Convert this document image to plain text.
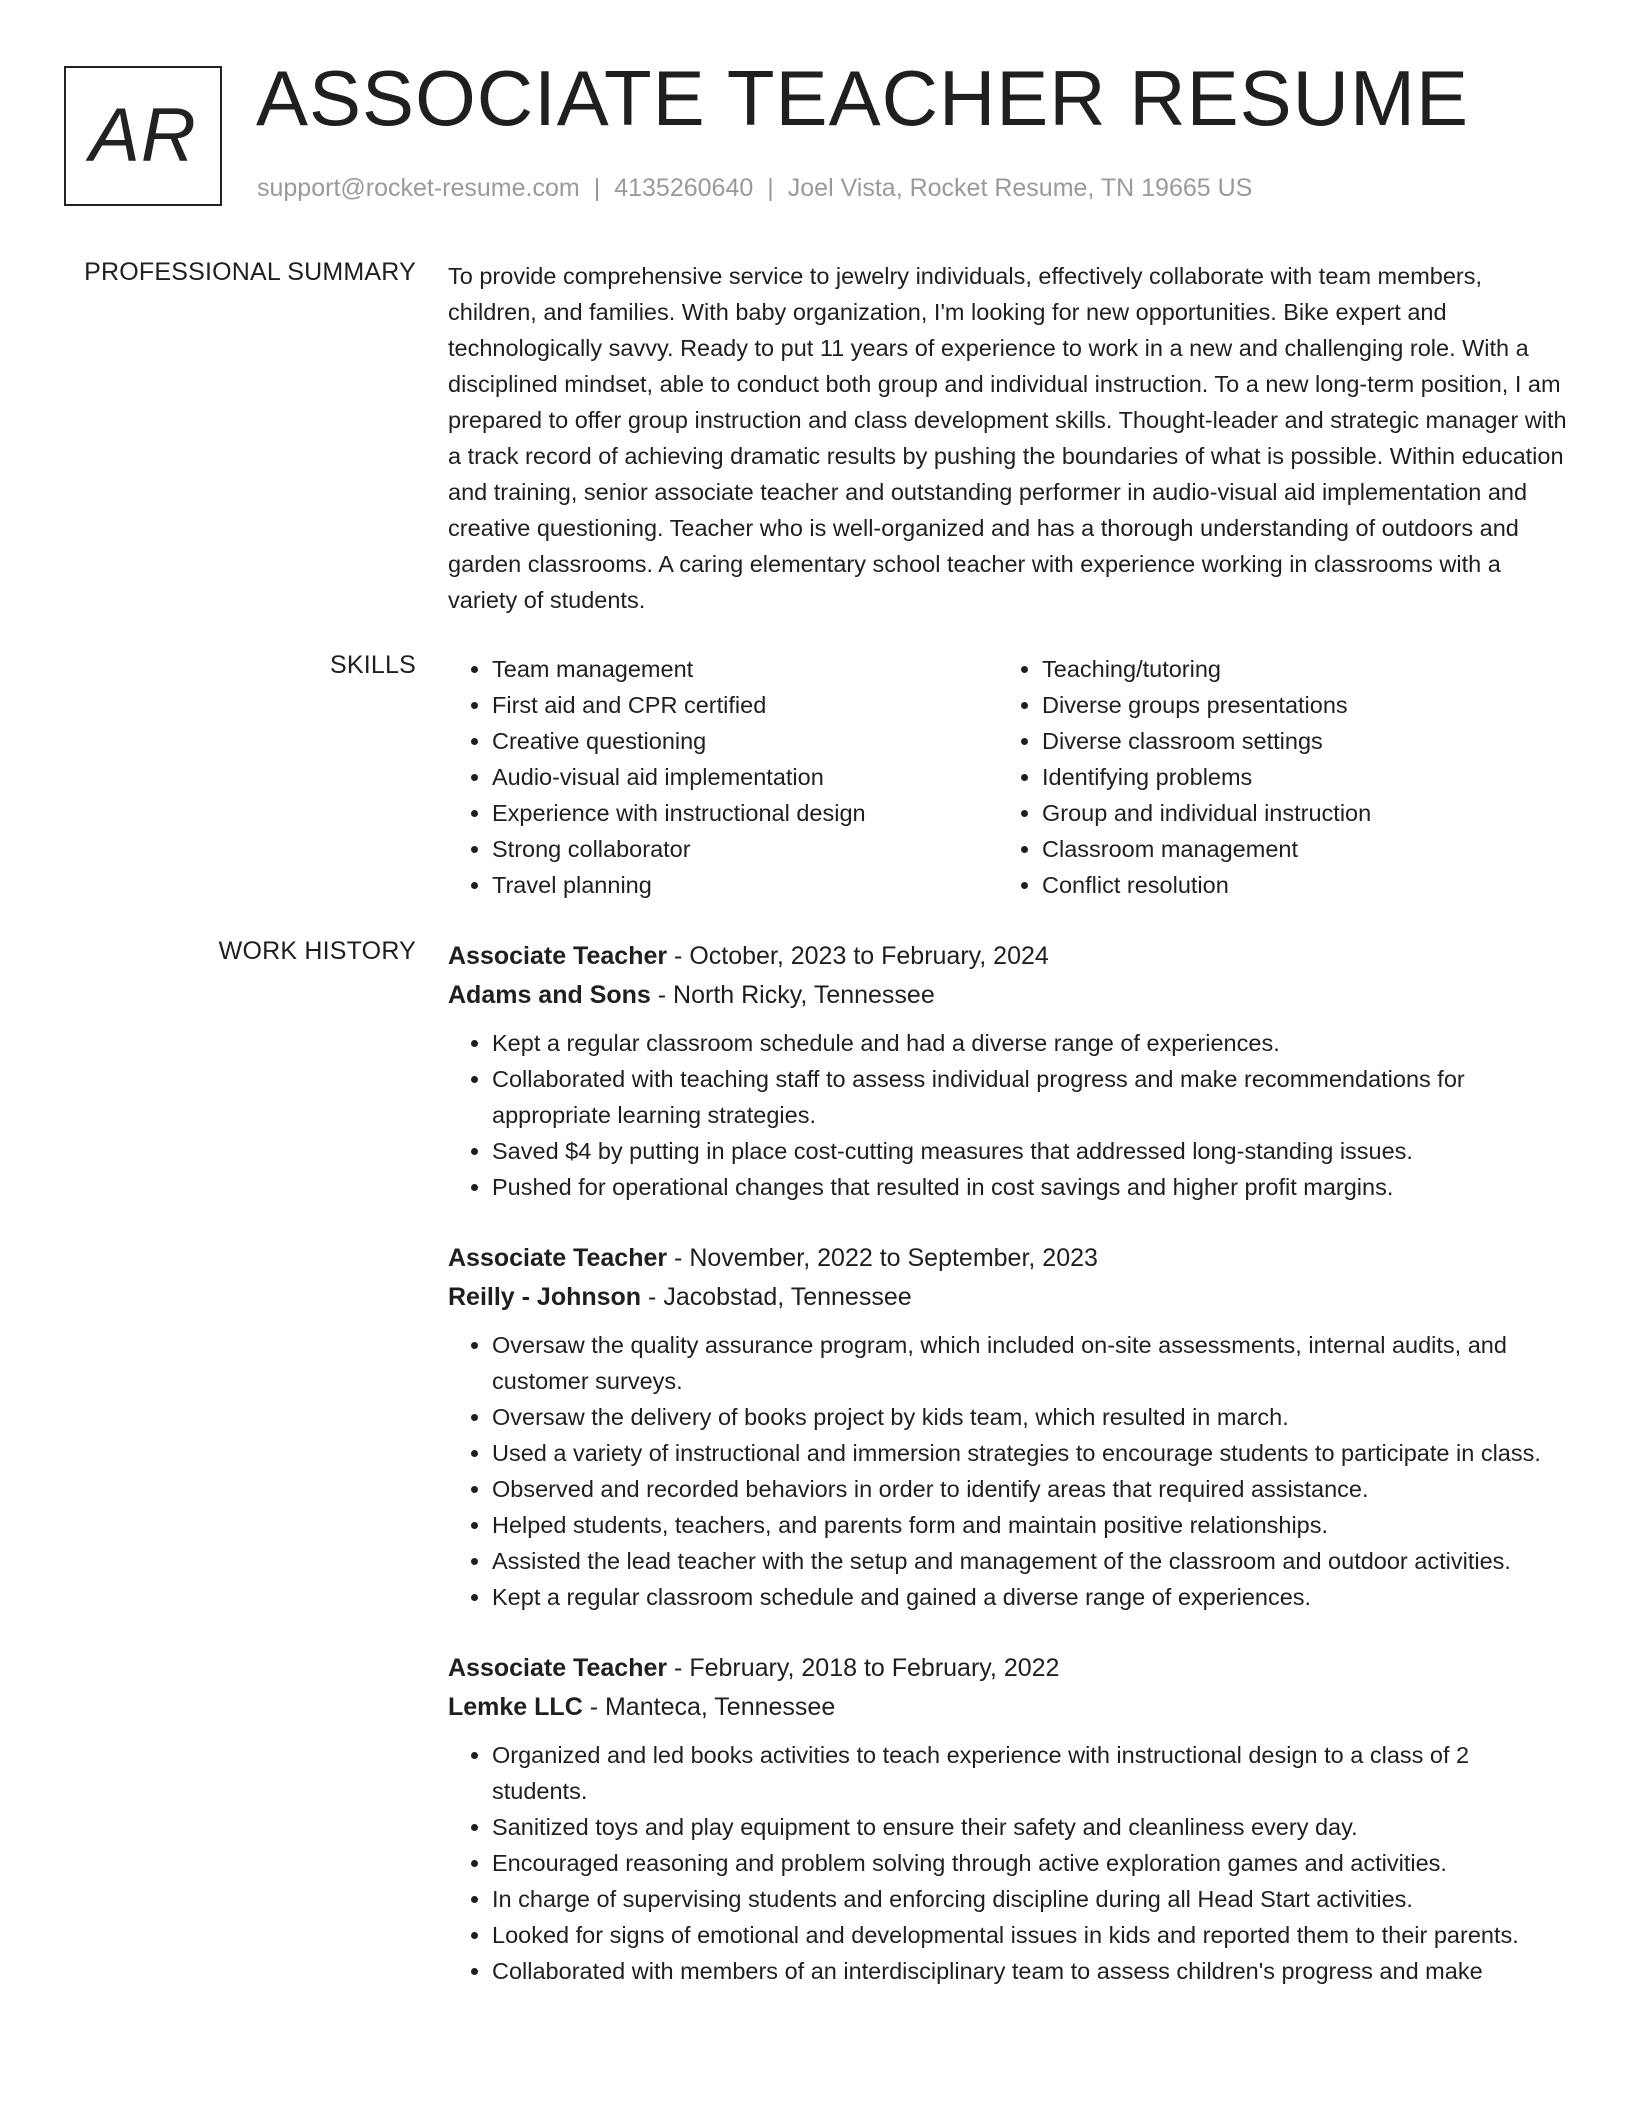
AR ASSOCIATE TEACHER RESUME
support@rocket-resume.com | 4135260640 | Joel Vista, Rocket Resume, TN 19665 US
PROFESSIONAL SUMMARY To provide comprehensive service to jewelry individuals, effectively collaborate with team members, children, and families. With baby organization, I'm looking for new opportunities. Bike expert and technologically savvy. Ready to put 11 years of experience to work in a new and challenging role. With a disciplined mindset, able to conduct both group and individual instruction. To a new long-term position, I am prepared to offer group instruction and class development skills. Thought-leader and strategic manager with a track record of achieving dramatic results by pushing the boundaries of what is possible. Within education and training, senior associate teacher and outstanding performer in audio-visual aid implementation and creative questioning. Teacher who is well-organized and has a thorough understanding of outdoors and garden classrooms. A caring elementary school teacher with experience working in classrooms with a variety of students.

SKILLS
•	Team management
• First aid and CPR certified
• Creative questioning
• Audio-visual aid implementation
• Experience with instructional design
• Strong collaborator
• Travel planning
• Teaching/tutoring
• Diverse groups presentations
• Diverse classroom settings
• Identifying problems
• Group and individual instruction
• Classroom management
• Conflict resolution
WORK HISTORY Associate Teacher - October, 2023 to February, 2024
Adams and Sons - North Ricky, Tennessee
• Kept a regular classroom schedule and had a diverse range of experiences.
• Collaborated with teaching staff to assess individual progress and make recommendations for appropriate learning strategies.
• Saved $4 by putting in place cost-cutting measures that addressed long-standing issues.
• Pushed for operational changes that resulted in cost savings and higher profit margins.
Associate Teacher - November, 2022 to September, 2023
Reilly - Johnson - Jacobstad, Tennessee
• Oversaw the quality assurance program, which included on-site assessments, internal audits, and customer surveys.
• Oversaw the delivery of books project by kids team, which resulted in march.
• Used a variety of instructional and immersion strategies to encourage students to participate in class.
• Observed and recorded behaviors in order to identify areas that required assistance.
• Helped students, teachers, and parents form and maintain positive relationships.
• Assisted the lead teacher with the setup and management of the classroom and outdoor activities.
• Kept a regular classroom schedule and gained a diverse range of experiences.
Associate Teacher - February, 2018 to February, 2022
Lemke LLC - Manteca, Tennessee
• Organized and led books activities to teach experience with instructional design to a class of 2 students.
• Sanitized toys and play equipment to ensure their safety and cleanliness every day.
• Encouraged reasoning and problem solving through active exploration games and activities.
• In charge of supervising students and enforcing discipline during all Head Start activities.
• Looked for signs of emotional and developmental issues in kids and reported them to their parents.
• Collaborated with members of an interdisciplinary team to assess children's progress and make
